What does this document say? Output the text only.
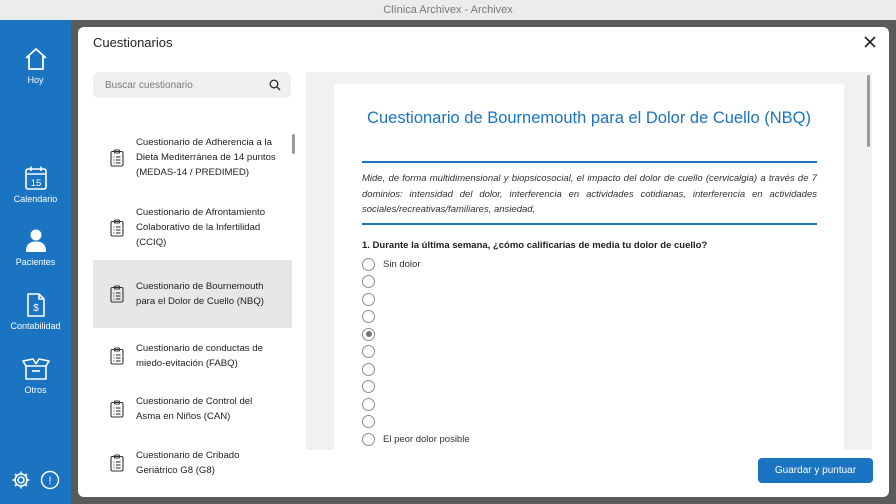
Clínica Archivex - Archivex
Hoy
15
Calendario
Pacientes
$
Contabilidad
Otros
!
Cuestionarios
Buscar cuestionario
Cuestionario de Adherencia a la Dieta Mediterránea de 14 puntos (MEDAS-14 / PREDIMED)
Cuestionario de Afrontamiento Colaborativo de la Infertilidad (CCIQ)
Cuestionario de Bournemouth para el Dolor de Cuello (NBQ)
Cuestionario de conductas de miedo-evitación (FABQ)
Cuestionario de Control del Asma en Niños (CAN)
Cuestionario de Cribado Geriátrico G8 (G8)
Cuestionario de Bournemouth para el Dolor de Cuello (NBQ)
Mide, de forma multidimensional y biopsicosocial, el impacto del dolor de cuello (cervicalgia) a través de 7 dominios: intensidad del dolor, interferencia en actividades cotidianas, interferencia en actividades sociales/recreativas/familiares, ansiedad,
1. Durante la última semana, ¿cómo calificarías de media tu dolor de cuello?
Sin dolor
El peor dolor posible
Guardar y puntuar
